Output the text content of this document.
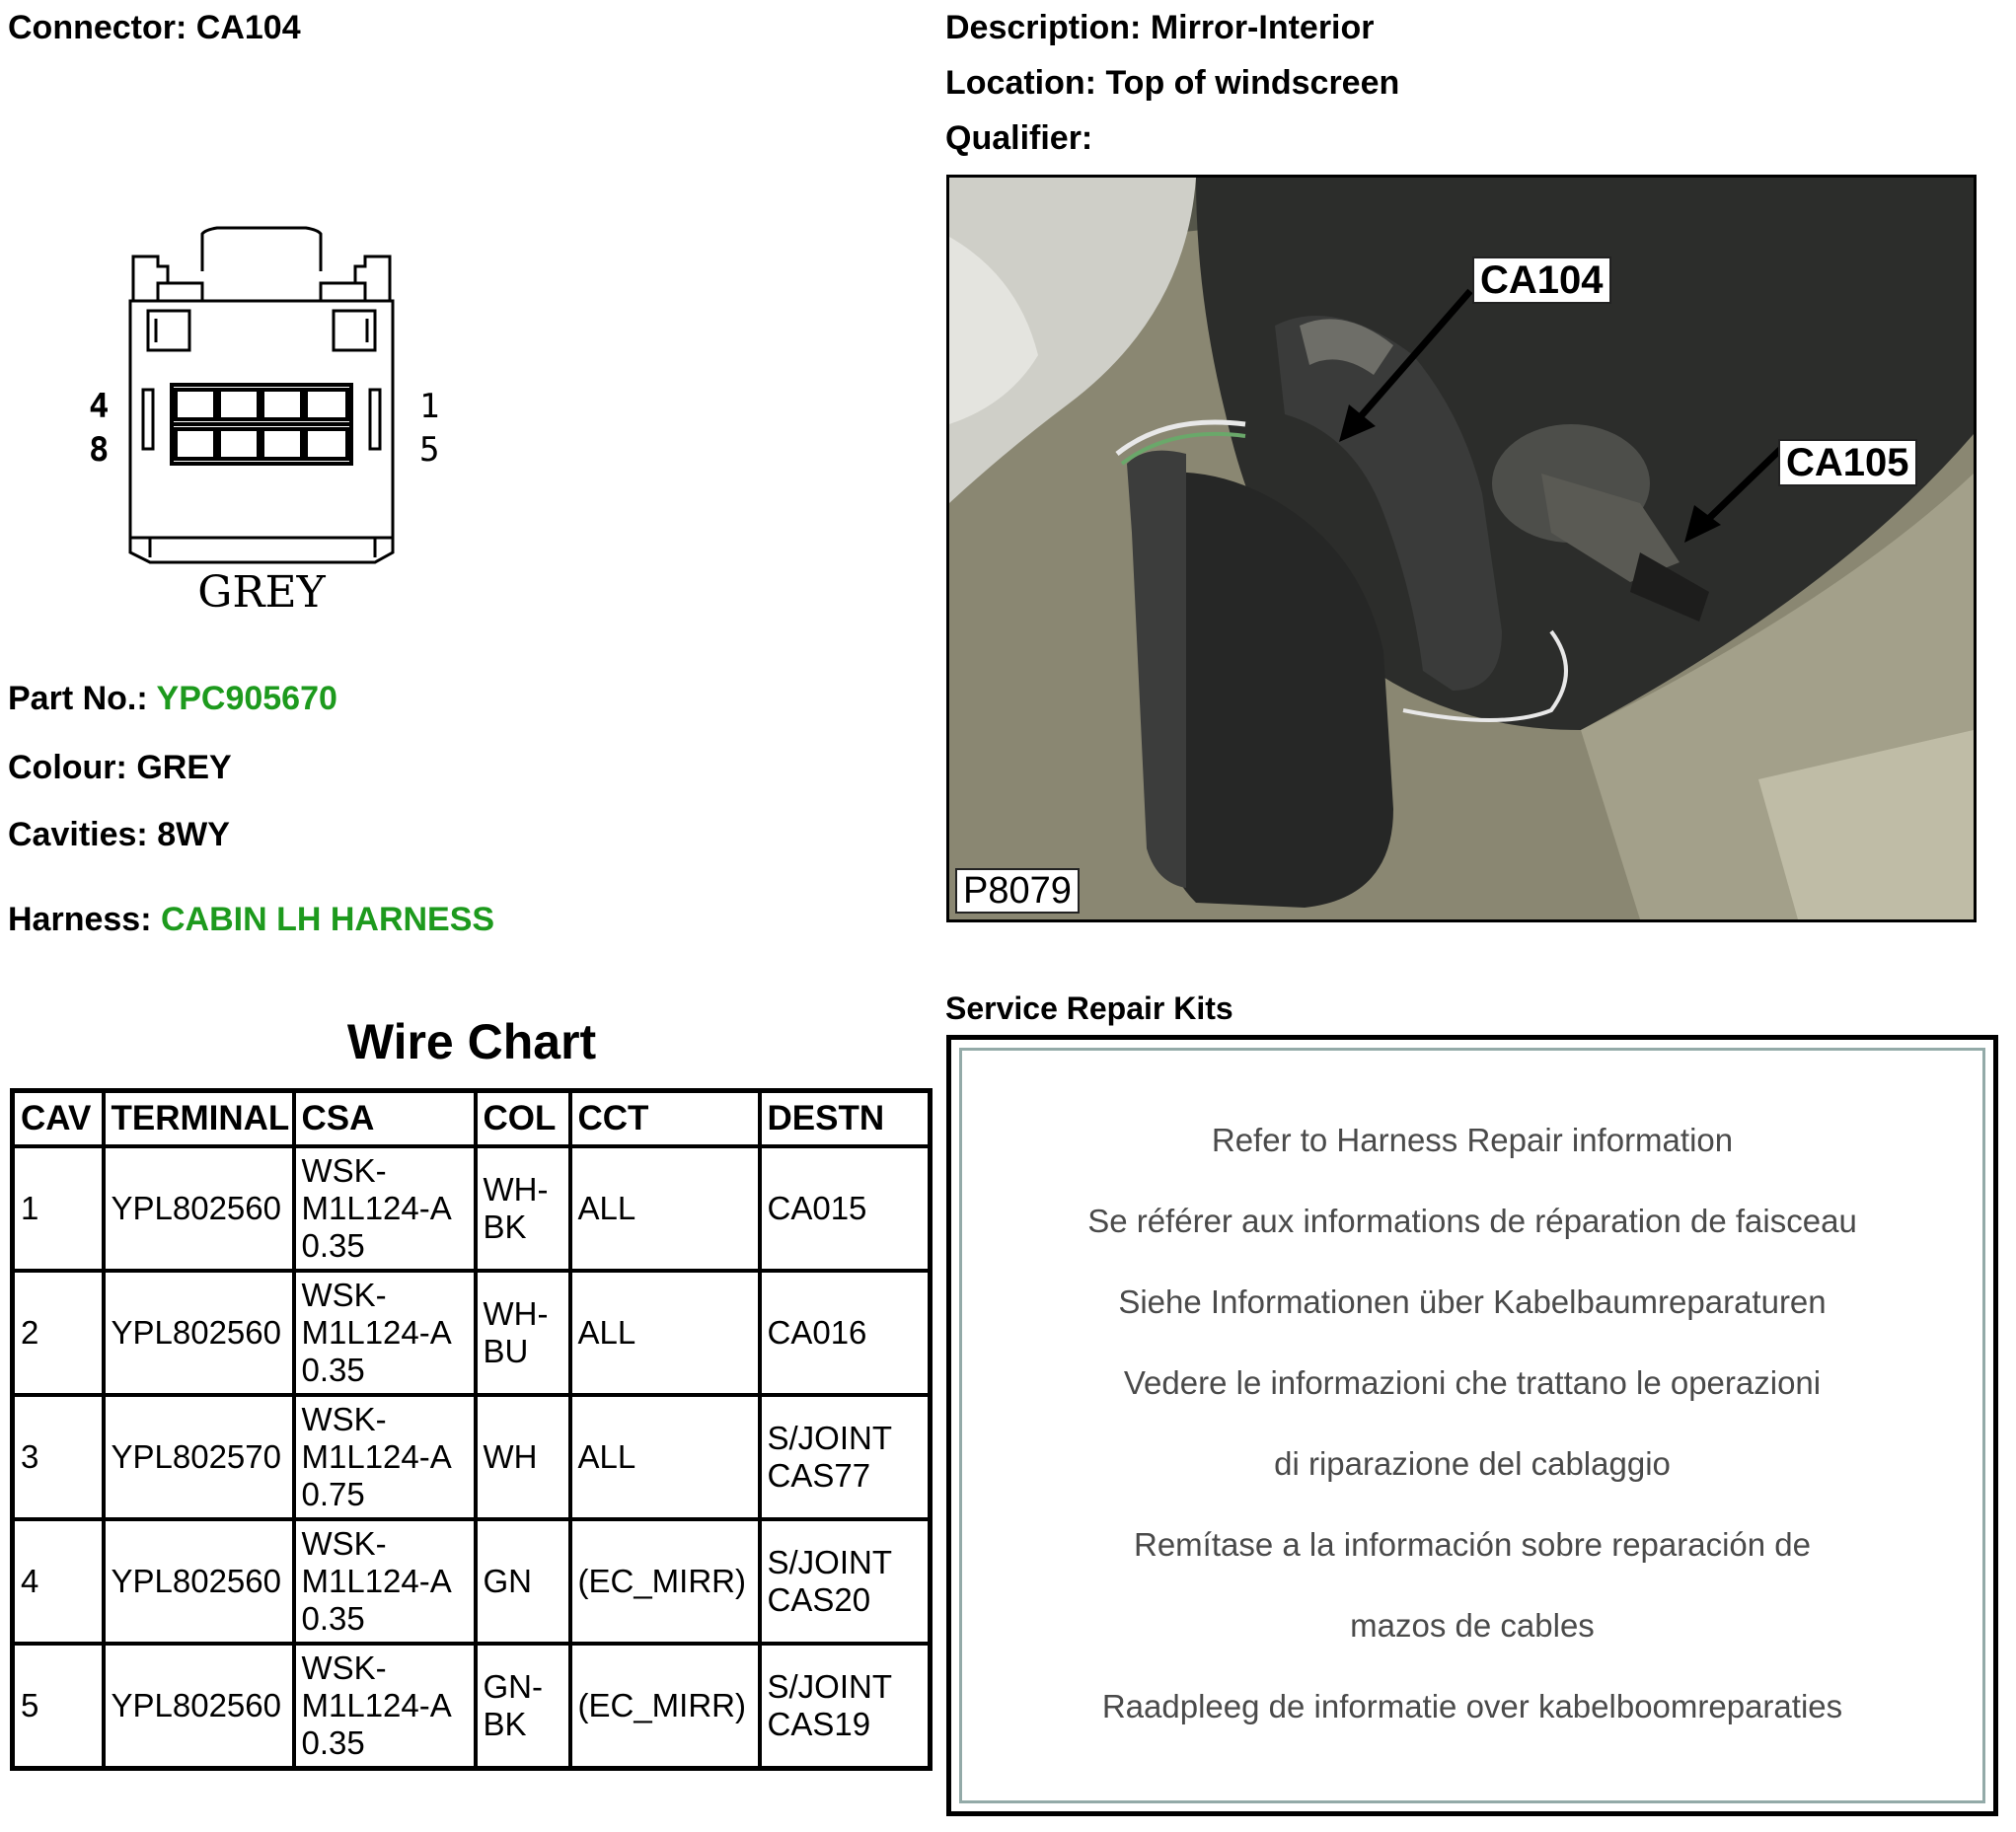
Connector: CA104	Description: Mirror-Interior
Location: Top of windscreen
Qualifier:
4
8
1
5
GREY
Part No.: YPC905670
Colour: GREY
Cavities: 8WY
Harness: CABIN LH HARNESS
CA104
CA105
P8079
Wire Chart
CAV	TERMINAL	CSA	COL	CCT	DESTN
1	YPL802560	WSK-
M1L124-A
0.35	WH-
BK	ALL	CA015
2	YPL802560	WSK-
M1L124-A
0.35	WH-
BU	ALL	CA016
3	YPL802570	WSK-
M1L124-A
0.75	WH	ALL	S/JOINT
CAS77
4	YPL802560	WSK-
M1L124-A
0.35	GN	(EC_MIRR)	S/JOINT
CAS20
5	YPL802560	WSK-
M1L124-A
0.35	GN-
BK	(EC_MIRR)	S/JOINT
CAS19
Service Repair Kits
Refer to Harness Repair information
Se référer aux informations de réparation de faisceau
Siehe Informationen über Kabelbaumreparaturen
Vedere le informazioni che trattano le operazioni
di riparazione del cablaggio
Remítase a la información sobre reparación de
mazos de cables
Raadpleeg de informatie over kabelboomreparaties
